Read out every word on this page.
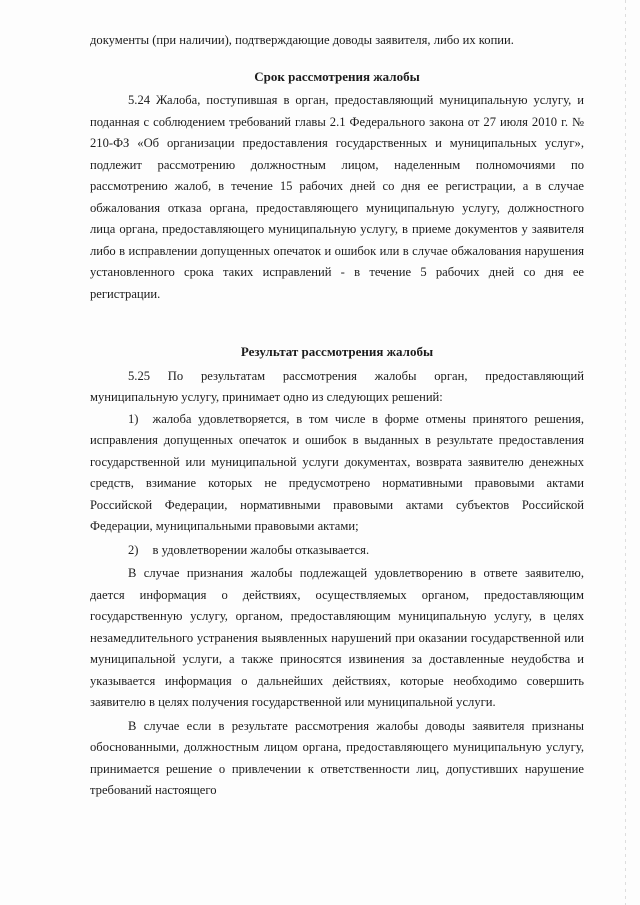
документы (при наличии), подтверждающие доводы заявителя, либо их копии.

Срок рассмотрения жалобы

5.24 Жалоба, поступившая в орган, предоставляющий муниципальную услугу, и поданная с соблюдением требований главы 2.1 Федерального закона от 27 июля 2010 г. № 210-ФЗ «Об организации предоставления государственных и муниципальных услуг», подлежит рассмотрению должностным лицом, наделенным полномочиями по рассмотрению жалоб, в течение 15 рабочих дней со дня ее регистрации, а в случае обжалования отказа органа, предоставляющего муниципальную услугу, должностного лица органа, предоставляющего муниципальную услугу, в приеме документов у заявителя либо в исправлении допущенных опечаток и ошибок или в случае обжалования нарушения установленного срока таких исправлений - в течение 5 рабочих дней со дня ее регистрации.

Результат рассмотрения жалобы

5.25 По результатам рассмотрения жалобы орган, предоставляющий муниципальную услугу, принимает одно из следующих решений:

1) жалоба удовлетворяется, в том числе в форме отмены принятого решения, исправления допущенных опечаток и ошибок в выданных в результате предоставления государственной или муниципальной услуги документах, возврата заявителю денежных средств, взимание которых не предусмотрено нормативными правовыми актами Российской Федерации, нормативными правовыми актами субъектов Российской Федерации, муниципальными правовыми актами;

2) в удовлетворении жалобы отказывается.

В случае признания жалобы подлежащей удовлетворению в ответе заявителю, дается информация о действиях, осуществляемых органом, предоставляющим государственную услугу, органом, предоставляющим муниципальную услугу, в целях незамедлительного устранения выявленных нарушений при оказании государственной или муниципальной услуги, а также приносятся извинения за доставленные неудобства и указывается информация о дальнейших действиях, которые необходимо совершить заявителю в целях получения государственной или муниципальной услуги.

В случае если в результате рассмотрения жалобы доводы заявителя признаны обоснованными, должностным лицом органа, предоставляющего муниципальную услугу, принимается решение о привлечении к ответственности лиц, допустивших нарушение требований настоящего
